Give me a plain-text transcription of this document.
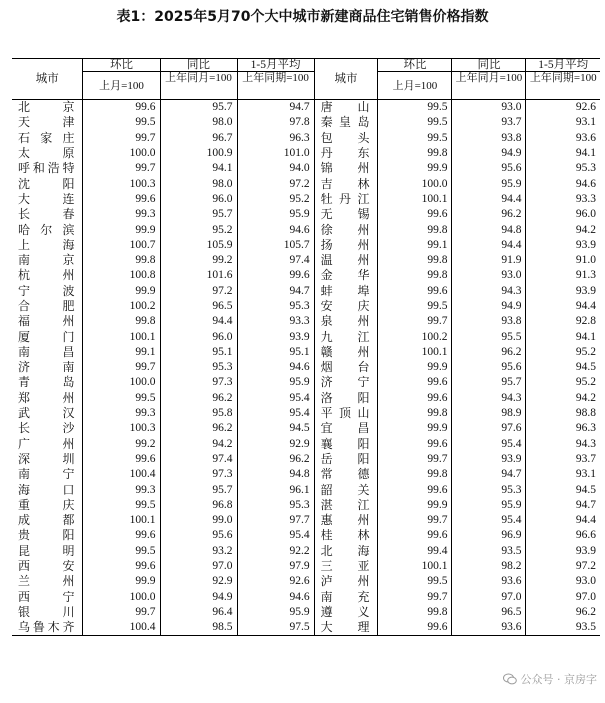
表1：2025年5月70个大中城市新建商品住宅销售价格指数
城市	环比	同比	1-5月平均	城市	环比	同比	1-5月平均
	上月=100	上年同月=100	上年同期=100		上月=100	上年同月=100	上年同期=100
北京	99.6	95.7	94.7	唐山	99.5	93.0	92.6
天津	99.5	98.0	97.8	秦皇岛	99.5	93.7	93.1
石家庄	99.7	96.7	96.3	包头	99.5	93.8	93.6
太原	100.0	100.9	101.0	丹东	99.8	94.9	94.1
呼和浩特	99.7	94.1	94.0	锦州	99.9	95.6	95.3
沈阳	100.3	98.0	97.2	吉林	100.0	95.9	94.6
大连	99.6	96.0	95.2	牡丹江	100.1	94.4	93.3
长春	99.3	95.7	95.9	无锡	99.6	96.2	96.0
哈尔滨	99.9	95.2	94.6	徐州	99.8	94.8	94.2
上海	100.7	105.9	105.7	扬州	99.1	94.4	93.9
南京	99.8	99.2	97.4	温州	99.8	91.9	91.0
杭州	100.8	101.6	99.6	金华	99.8	93.0	91.3
宁波	99.9	97.2	94.7	蚌埠	99.6	94.3	93.9
合肥	100.2	96.5	95.3	安庆	99.5	94.9	94.4
福州	99.8	94.4	93.3	泉州	99.7	93.8	92.8
厦门	100.1	96.0	93.9	九江	100.2	95.5	94.1
南昌	99.1	95.1	95.1	赣州	100.1	96.2	95.2
济南	99.7	95.3	94.6	烟台	99.9	95.6	94.5
青岛	100.0	97.3	95.9	济宁	99.6	95.7	95.2
郑州	99.5	96.2	95.4	洛阳	99.6	94.3	94.2
武汉	99.3	95.8	95.4	平顶山	99.8	98.9	98.8
长沙	100.3	96.2	94.5	宜昌	99.9	97.6	96.3
广州	99.2	94.2	92.9	襄阳	99.6	95.4	94.3
深圳	99.6	97.4	96.2	岳阳	99.7	93.9	93.7
南宁	100.4	97.3	94.8	常德	99.8	94.7	93.1
海口	99.3	95.7	96.1	韶关	99.6	95.3	94.5
重庆	99.5	96.8	95.3	湛江	99.9	95.9	94.7
成都	100.1	99.0	97.7	惠州	99.7	95.4	94.4
贵阳	99.6	95.6	95.4	桂林	99.6	96.9	96.6
昆明	99.5	93.2	92.2	北海	99.4	93.5	93.9
西安	99.6	97.0	97.9	三亚	100.1	98.2	97.2
兰州	99.9	92.9	92.6	泸州	99.5	93.6	93.0
西宁	100.0	94.9	94.6	南充	99.7	97.0	97.0
银川	99.7	96.4	95.9	遵义	99.8	96.5	96.2
乌鲁木齐	100.4	98.5	97.5	大理	99.6	93.6	93.5
公众号 · 京房字
